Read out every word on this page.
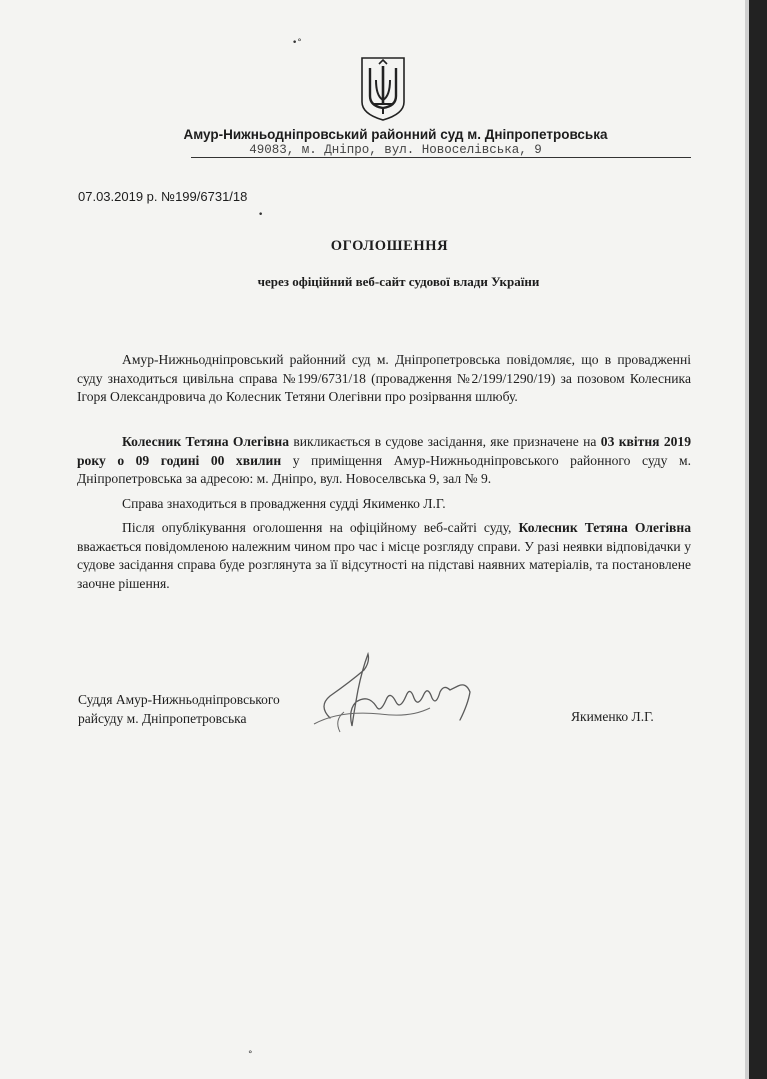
•°
•
°
Амур-Нижньодніпровський районний суд м. Дніпропетровська
49083, м. Дніпро, вул. Новоселівська, 9
07.03.2019 р. №199/6731/18
ОГОЛОШЕННЯ
через офіційний веб-сайт судової влади України

Амур-Нижньодніпровський районний суд м. Дніпропетровська повідомляє, що в провадженні суду знаходиться цивільна справа №199/6731/18 (провадження №2/199/1290/19) за позовом Колесника Ігоря Олександровича до Колесник Тетяни Олегівни про розірвання шлюбу.

Колесник Тетяна Олегівна викликається в судове засідання, яке призначене на 03 квітня 2019 року о 09 годині 00 хвилин у приміщення Амур-Нижньодніпровського районного суду м. Дніпропетровська за адресою: м. Дніпро, вул. Новоселвська 9, зал № 9.

Справа знаходиться в провадження судді Якименко Л.Г.

Після опублікування оголошення на офіційному веб-сайті суду, Колесник Тетяна Олегівна вважається повідомленою належним чином про час і місце розгляду справи. У разі неявки відповідачки у судове засідання справа буде розглянута за її відсутності на підставі наявних матеріалів, та постановлене заочне рішення.

Суддя Амур-Нижньодніпровського
райсуду м. Дніпропетровська	Якименко Л.Г.
